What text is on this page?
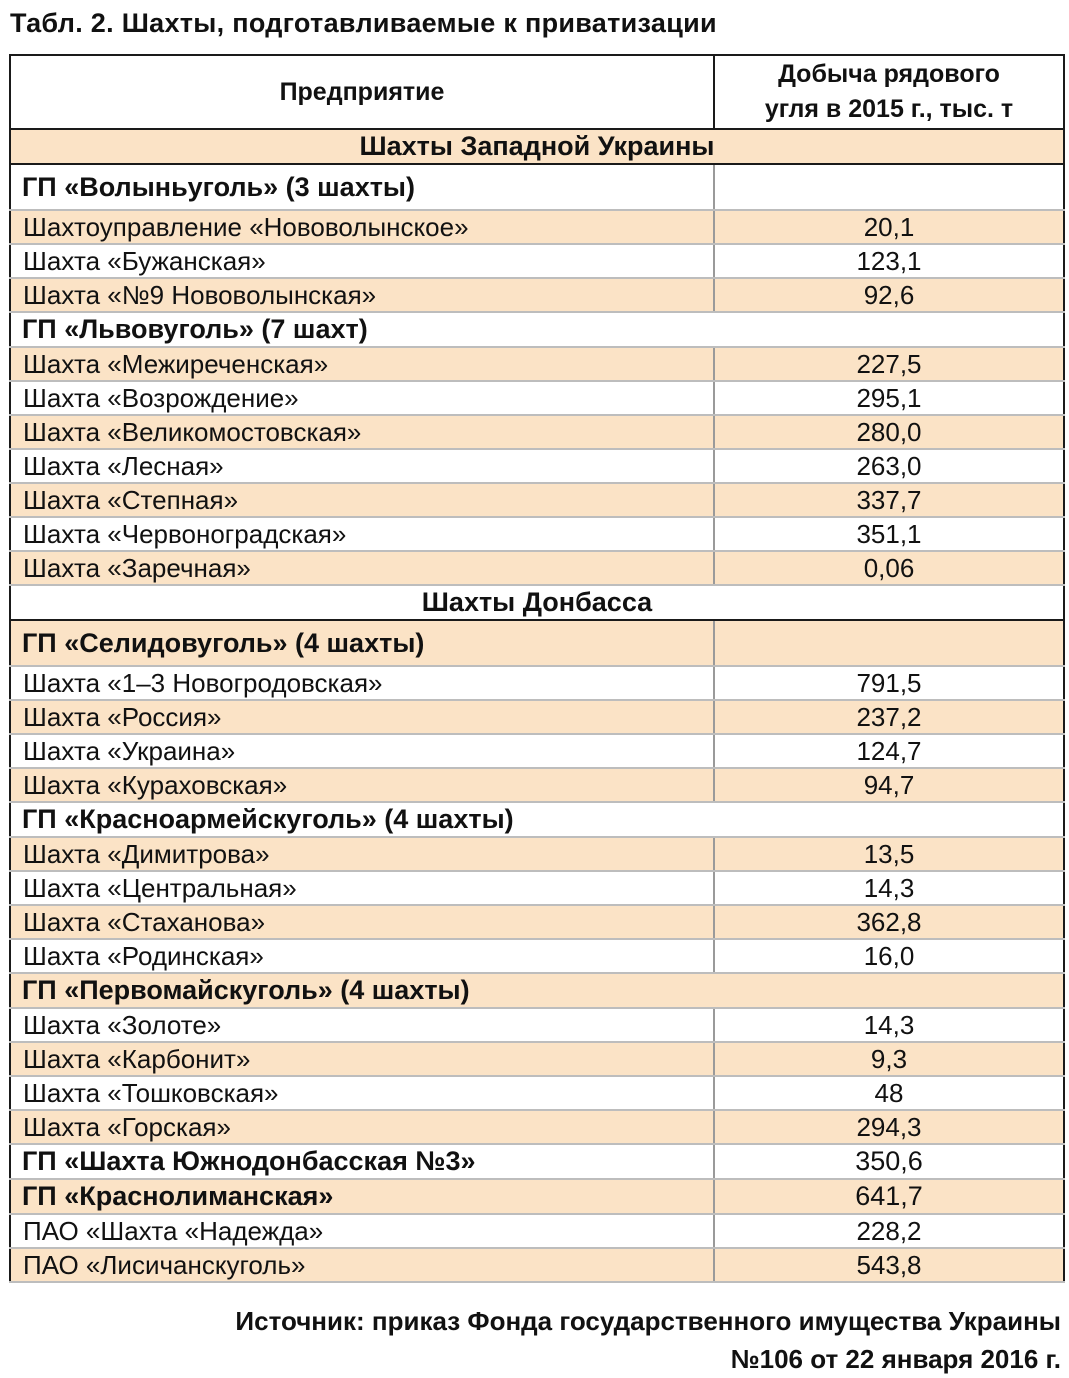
Табл. 2. Шахты, подготавливаемые к приватизации
Предприятие	Добыча рядового
угля в 2015 г., тыс. т
Шахты Западной Украины	
ГП «Волыньуголь» (3 шахты)	
Шахтоуправление «Нововолынское»	20,1
Шахта «Бужанская»	123,1
Шахта «№9 Нововолынская»	92,6
ГП «Львовуголь» (7 шахт)	
Шахта «Межиреченская»	227,5
Шахта «Возрождение»	295,1
Шахта «Великомостовская»	280,0
Шахта «Лесная»	263,0
Шахта «Степная»	337,7
Шахта «Червоноградская»	351,1
Шахта «Заречная»	0,06
Шахты Донбасса	
ГП «Селидовуголь» (4 шахты)	
Шахта «1–3 Новогродовская»	791,5
Шахта «Россия»	237,2
Шахта «Украина»	124,7
Шахта «Кураховская»	94,7
ГП «Красноармейскуголь» (4 шахты)	
Шахта «Димитрова»	13,5
Шахта «Центральная»	14,3
Шахта «Стаханова»	362,8
Шахта «Родинская»	16,0
ГП «Первомайскуголь» (4 шахты)	
Шахта «Золоте»	14,3
Шахта «Карбонит»	9,3
Шахта «Тошковская»	48
Шахта «Горская»	294,3
ГП «Шахта Южнодонбасская №3»	350,6
ГП «Краснолиманская»	641,7
ПАО «Шахта «Надежда»	228,2
ПАО «Лисичанскуголь»	543,8
Источник: приказ Фонда государственного имущества Украины
№106 от 22 января 2016 г.
